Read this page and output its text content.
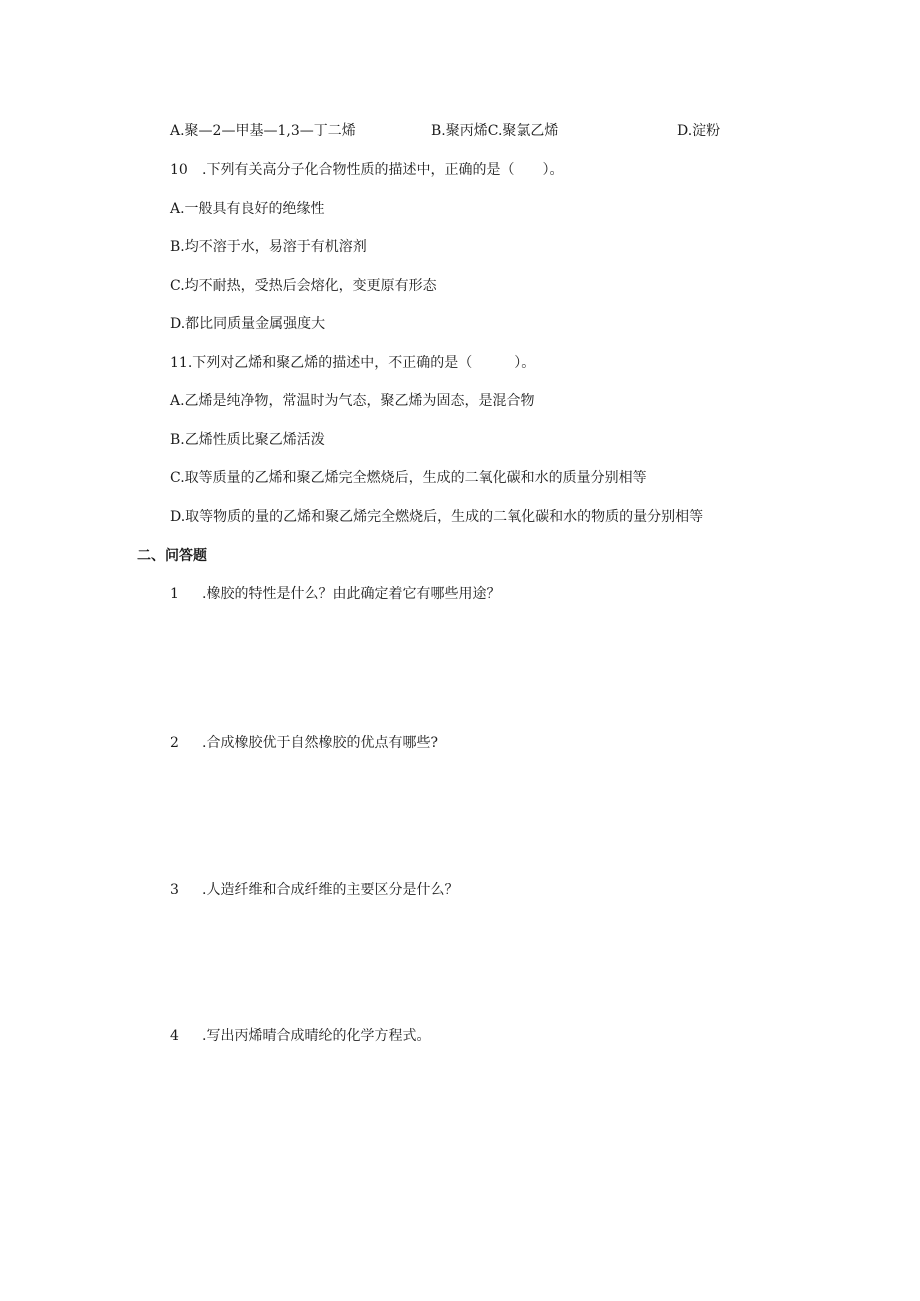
A.聚—2—甲基—1,3—丁二烯	B.聚丙烯C.聚氯乙烯	D.淀粉
10 .下列有关高分子化合物性质的描述中，正确的是（　　）。
A.一般具有良好的绝缘性
B.均不溶于水，易溶于有机溶剂
C.均不耐热，受热后会熔化，变更原有形态
D.都比同质量金属强度大
11.下列对乙烯和聚乙烯的描述中，不正确的是（　　　）。
A.乙烯是纯净物，常温时为气态，聚乙烯为固态，是混合物
B.乙烯性质比聚乙烯活泼
C.取等质量的乙烯和聚乙烯完全燃烧后，生成的二氧化碳和水的质量分别相等
D.取等物质的量的乙烯和聚乙烯完全燃烧后，生成的二氧化碳和水的物质的量分别相等
二、问答题
1 .橡胶的特性是什么？由此确定着它有哪些用途？
2 .合成橡胶优于自然橡胶的优点有哪些?
3 .人造纤维和合成纤维的主要区分是什么？
4 .写出丙烯晴合成晴纶的化学方程式。
